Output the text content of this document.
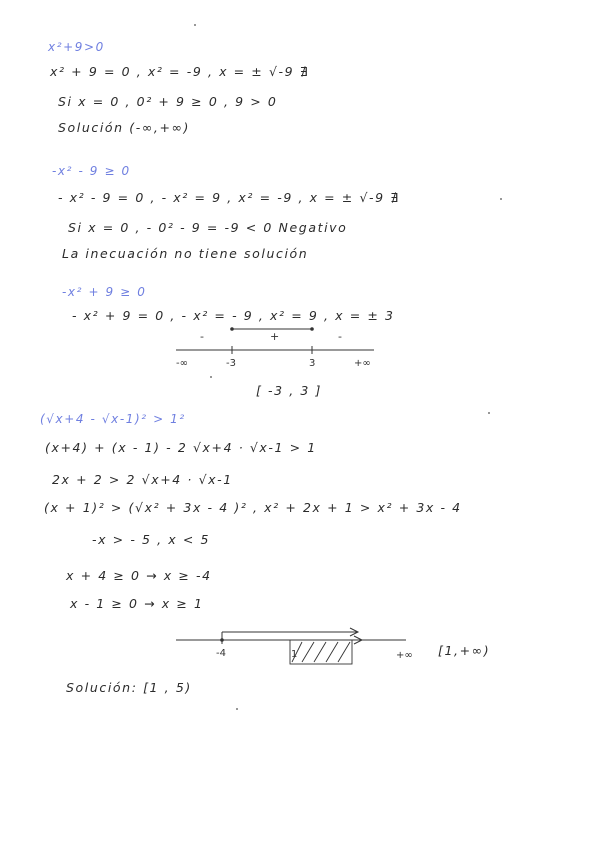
x²+9>0
x² + 9 = 0 , x² = -9 , x = ± √-9 ∄
Si x = 0 , 0² + 9 ≥ 0 , 9 > 0
Solución (-∞,+∞)
-x² - 9 ≥ 0
- x² - 9 = 0 , - x² = 9 , x² = -9 , x = ± √-9 ∄
Si x = 0 , - 0² - 9 = -9 < 0 Negativo
La inecuación no tiene solución
-x² + 9 ≥ 0
- x² + 9 = 0 , - x² = - 9 , x² = 9 , x = ± 3
-	+	-
-∞	-3	3	+∞
[ -3 , 3 ]
(√x+4 - √x-1)² > 1²
(x+4) + (x - 1) - 2 √x+4 · √x-1 > 1
2x + 2 > 2 √x+4 · √x-1
(x + 1)² > (√x² + 3x - 4 )² , x² + 2x + 1 > x² + 3x - 4
-x > - 5 , x < 5
x + 4 ≥ 0 → x ≥ -4
x - 1 ≥ 0 → x ≥ 1
-4	1	+∞ [1,+∞)
Solución: [1 , 5)
